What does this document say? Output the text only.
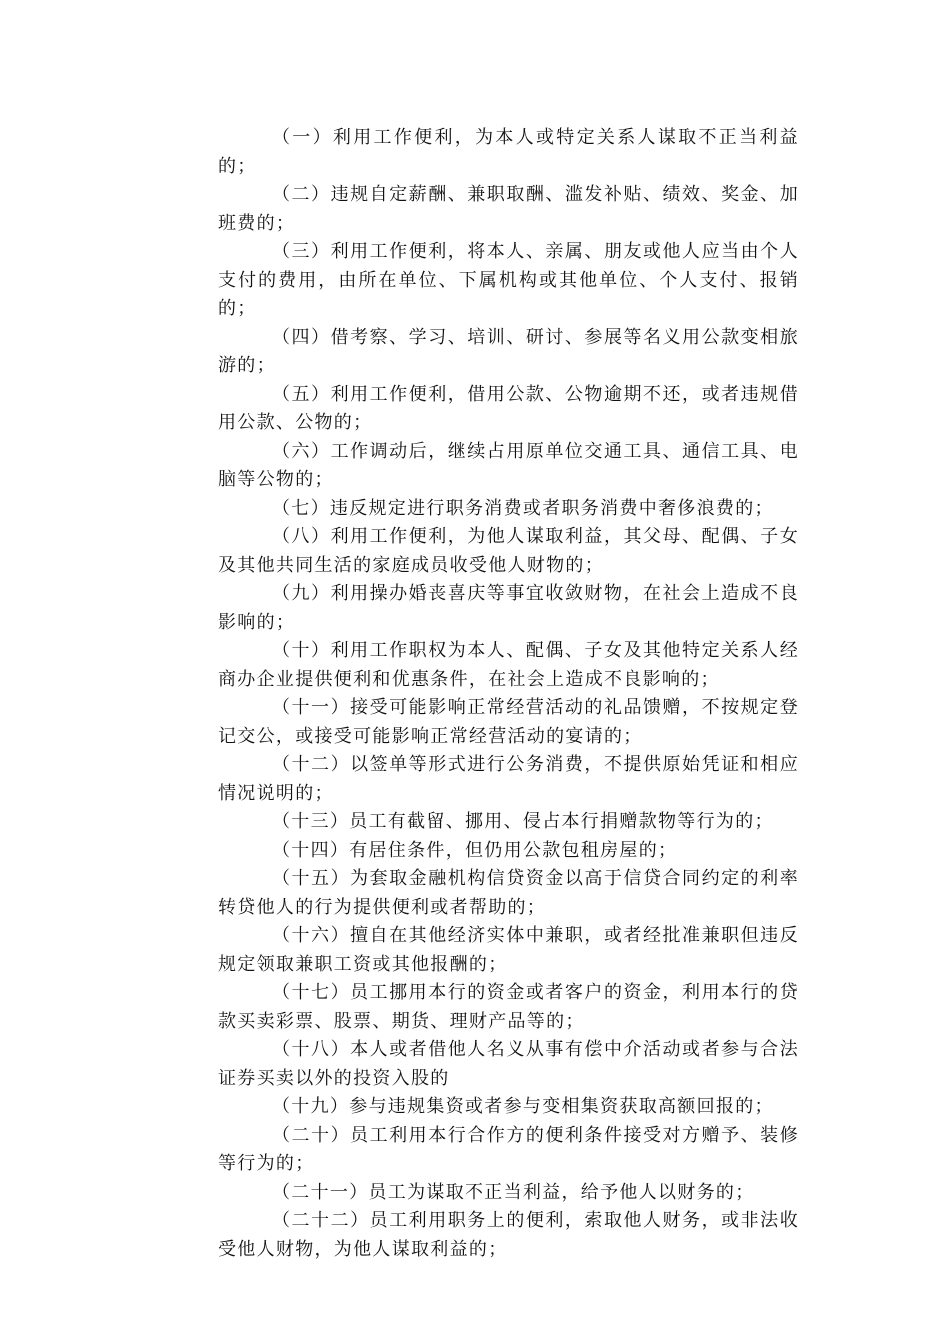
（一）利用工作便利，为本人或特定关系人谋取不正当利益的；

（二）违规自定薪酬、兼职取酬、滥发补贴、绩效、奖金、加班费的；

（三）利用工作便利，将本人、亲属、朋友或他人应当由个人支付的费用，由所在单位、下属机构或其他单位、个人支付、报销的；

（四）借考察、学习、培训、研讨、参展等名义用公款变相旅游的；

（五）利用工作便利，借用公款、公物逾期不还，或者违规借用公款、公物的；

（六）工作调动后，继续占用原单位交通工具、通信工具、电脑等公物的；

（七）违反规定进行职务消费或者职务消费中奢侈浪费的；

（八）利用工作便利，为他人谋取利益，其父母、配偶、子女及其他共同生活的家庭成员收受他人财物的；

（九）利用操办婚丧喜庆等事宜收敛财物，在社会上造成不良影响的；

（十）利用工作职权为本人、配偶、子女及其他特定关系人经商办企业提供便利和优惠条件，在社会上造成不良影响的；

（十一）接受可能影响正常经营活动的礼品馈赠，不按规定登记交公，或接受可能影响正常经营活动的宴请的；

（十二）以签单等形式进行公务消费，不提供原始凭证和相应情况说明的；

（十三）员工有截留、挪用、侵占本行捐赠款物等行为的；

（十四）有居住条件，但仍用公款包租房屋的；

（十五）为套取金融机构信贷资金以高于信贷合同约定的利率转贷他人的行为提供便利或者帮助的；

（十六）擅自在其他经济实体中兼职，或者经批准兼职但违反规定领取兼职工资或其他报酬的；

（十七）员工挪用本行的资金或者客户的资金，利用本行的贷款买卖彩票、股票、期货、理财产品等的；

（十八）本人或者借他人名义从事有偿中介活动或者参与合法证券买卖以外的投资入股的

（十九）参与违规集资或者参与变相集资获取高额回报的；

（二十）员工利用本行合作方的便利条件接受对方赠予、装修等行为的；

（二十一）员工为谋取不正当利益，给予他人以财务的；

（二十二）员工利用职务上的便利，索取他人财务，或非法收受他人财物，为他人谋取利益的；
